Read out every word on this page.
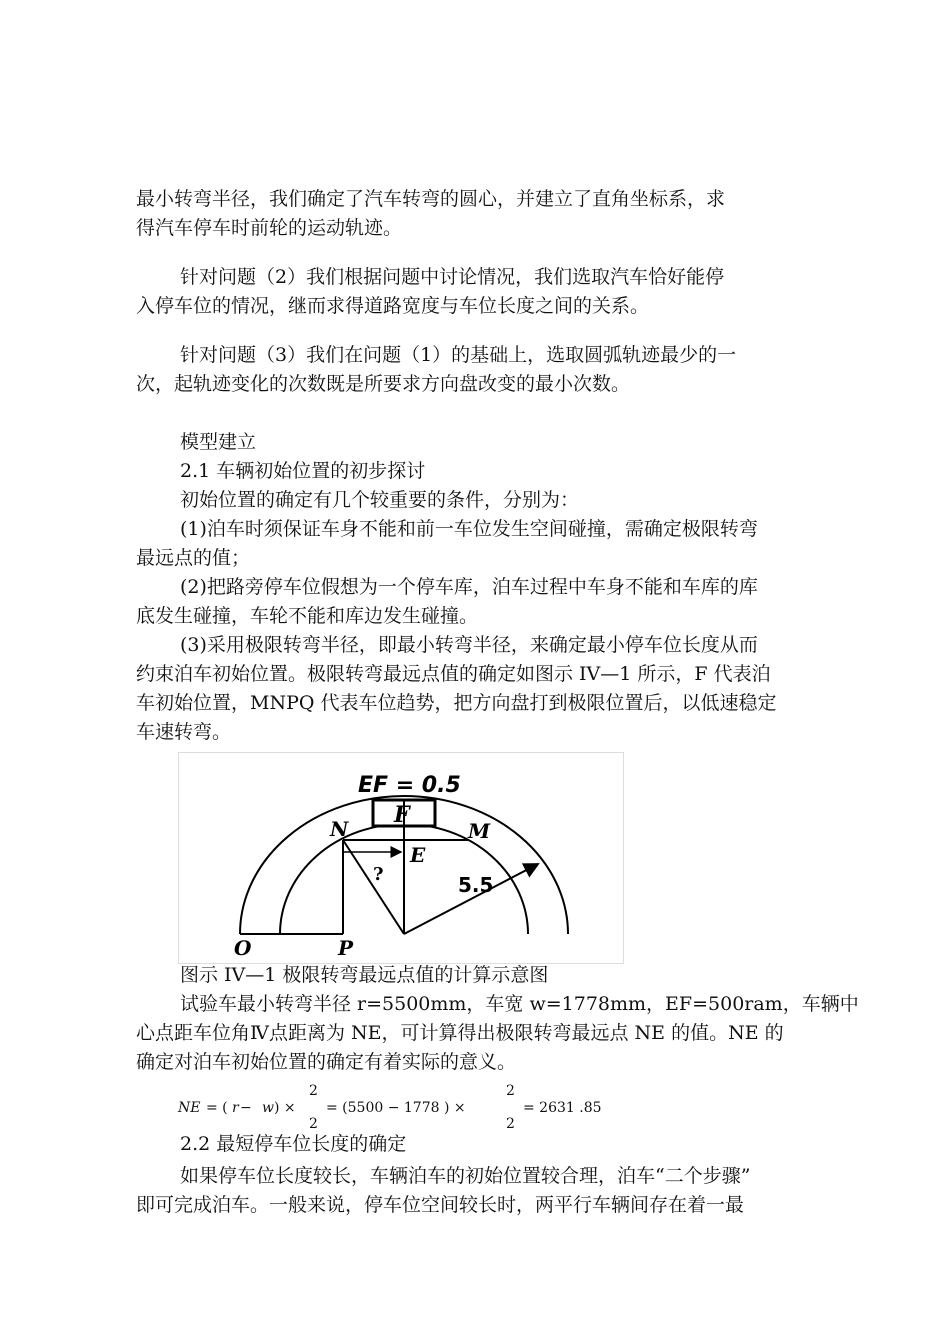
最小转弯半径，我们确定了汽车转弯的圆心，并建立了直角坐标系，求
得汽车停车时前轮的运动轨迹。
针对问题（2）我们根据问题中讨论情况，我们选取汽车恰好能停
入停车位的情况，继而求得道路宽度与车位长度之间的关系。
针对问题（3）我们在问题（1）的基础上，选取圆弧轨迹最少的一
次，起轨迹变化的次数既是所要求方向盘改变的最小次数。
模型建立
2.1 车辆初始位置的初步探讨
初始位置的确定有几个较重要的条件，分别为：
(1)泊车时须保证车身不能和前一车位发生空间碰撞，需确定极限转弯
最远点的值；
(2)把路旁停车位假想为一个停车库，泊车过程中车身不能和车库的库
底发生碰撞，车轮不能和库边发生碰撞。
(3)采用极限转弯半径，即最小转弯半径，来确定最小停车位长度从而
约束泊车初始位置。极限转弯最远点值的确定如图示 IV—1 所示，F 代表泊
车初始位置，MNPQ 代表车位趋势，把方向盘打到极限位置后，以低速稳定
车速转弯。
EF = 0.5
F
N	M
E
?	5.5
O	P
图示 IV—1 极限转弯最远点值的计算示意图
试验车最小转弯半径 r=5500mm，车宽 w=1778mm，EF=500ram，车辆中
心点距车位角Ⅳ点距离为 NE，可计算得出极限转弯最远点 NE 的值。NE 的
确定对泊车初始位置的确定有着实际的意义。
NE = ( r − w ) ×
2
2
= (5500 − 1778 ) ×
2
2
= 2631 .85
2.2 最短停车位长度的确定
如果停车位长度较长，车辆泊车的初始位置较合理，泊车“二个步骤”
即可完成泊车。一般来说，停车位空间较长时，两平行车辆间存在着一最
